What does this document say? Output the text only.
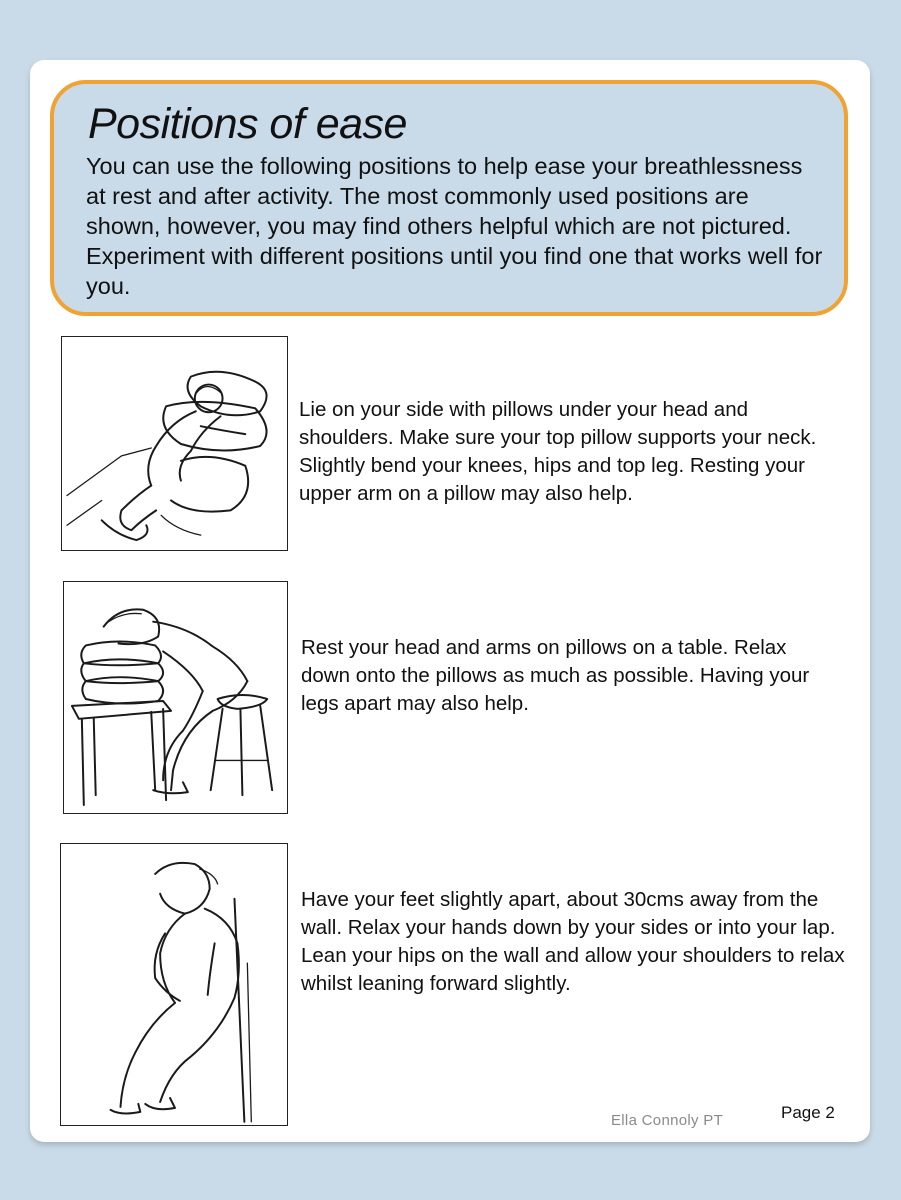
Positions of ease

You can use the following positions to help ease your breathlessness at rest and after activity. The most commonly used positions are shown, however, you may find others helpful which are not pictured. Experiment with different positions until you find one that works well for you.

Lie on your side with pillows under your head and shoulders. Make sure your top pillow supports your neck. Slightly bend your knees, hips and top leg. Resting your upper arm on a pillow may also help.

Rest your head and arms on pillows on a table. Relax down onto the pillows as much as possible. Having your legs apart may also help.

Have your feet slightly apart, about 30cms away from the wall. Relax your hands down by your sides or into your lap. Lean your hips on the wall and allow your shoulders to relax whilst leaning forward slightly.

Ella Connoly PT	Page 2
